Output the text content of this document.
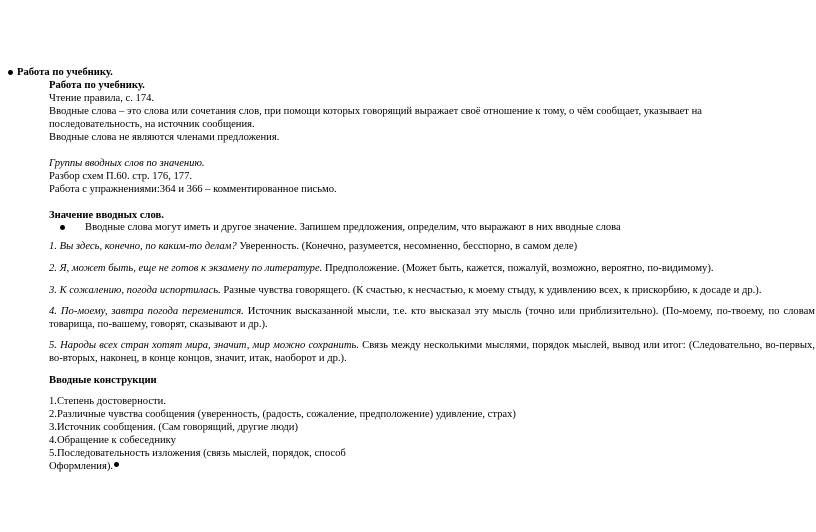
Работа по учебнику.
Работа по учебнику.
Чтение правила, с. 174.
Вводные слова – это слова или сочетания слов, при помощи которых говорящий выражает своё отношение к тому, о чём сообщает, указывает на
последовательность, на источник сообщения.
Вводные слова не являются членами предложения.
Группы вводных слов по значению.
Разбор схем П.60. стр. 176, 177.
Работа с упражнениями:364 и 366 – комментированное письмо.
Значение вводных слов.
Вводные слова могут иметь и другое значение. Запишем предложения, определим, что выражают в них вводные слова
1. Вы здесь, конечно, по каким-то делам? Уверенность. (Конечно, разумеется, несомненно, бесспорно, в самом деле)
2. Я, может быть, еще не готов к экзамену по литературе. Предположение. (Может быть, кажется, пожалуй, возможно, вероятно, по-видимому).
3. К сожалению, погода испортилась. Разные чувства говорящего. (К счастью, к несчастью, к моему стыду, к удивлению всех, к прискорбию, к досаде и др.).
4. По-моему, завтра погода переменится. Источник высказанной мысли, т.е. кто высказал эту мысль (точно или приблизительно). (По-моему, по-твоему, по словам товарища, по-вашему, говорят, сказывают и др.).
5. Народы всех стран хотят мира, значит, мир можно сохранить. Связь между несколькими мыслями, порядок мыслей, вывод или итог: (Следовательно, во-первых, во-вторых, наконец, в конце концов, значит, итак, наоборот и др.).
Вводные конструкции
1.Степень достоверности.
2.Различные чувства сообщения (уверенность, (радость, сожаление, предположение) удивление, страх)
3.Источник сообщения. (Сам говорящий, другие люди)
4.Обращение к собеседнику
5.Последовательность изложения (связь мыслей, порядок, способ
Оформления).
